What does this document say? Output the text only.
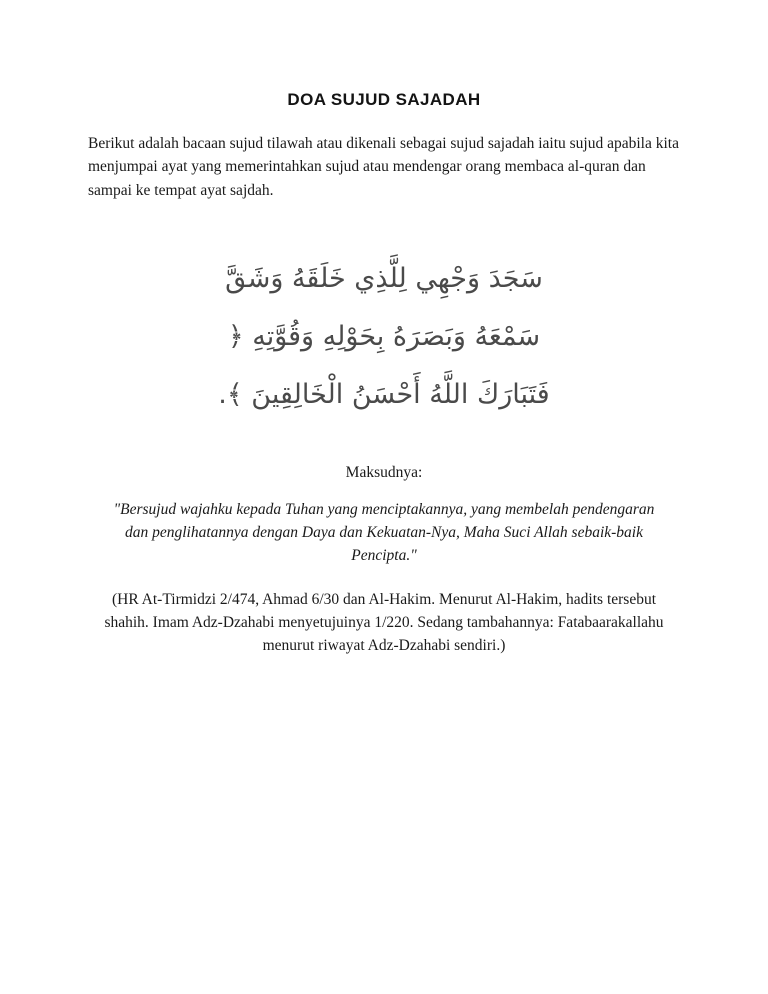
DOA SUJUD SAJADAH

Berikut adalah bacaan sujud tilawah atau dikenali sebagai sujud sajadah iaitu sujud apabila kita menjumpai ayat yang memerintahkan sujud atau mendengar orang membaca al-quran dan sampai ke tempat ayat sajdah.

سَجَدَ وَجْهِي لِلَّذِي خَلَقَهُ وَشَقَّ
سَمْعَهُ وَبَصَرَهُ بِحَوْلِهِ وَقُوَّتِهِ ﴿
فَتَبَارَكَ اللَّهُ أَحْسَنُ الْخَالِقِينَ ﴾.

Maksudnya:

"Bersujud wajahku kepada Tuhan yang menciptakannya, yang membelah pendengaran dan penglihatannya dengan Daya dan Kekuatan-Nya, Maha Suci Allah sebaik-baik Pencipta."

(HR At-Tirmidzi 2/474, Ahmad 6/30 dan Al-Hakim. Menurut Al-Hakim, hadits tersebut shahih. Imam Adz-Dzahabi menyetujuinya 1/220. Sedang tambahannya: Fatabaarakallahu menurut riwayat Adz-Dzahabi sendiri.)
